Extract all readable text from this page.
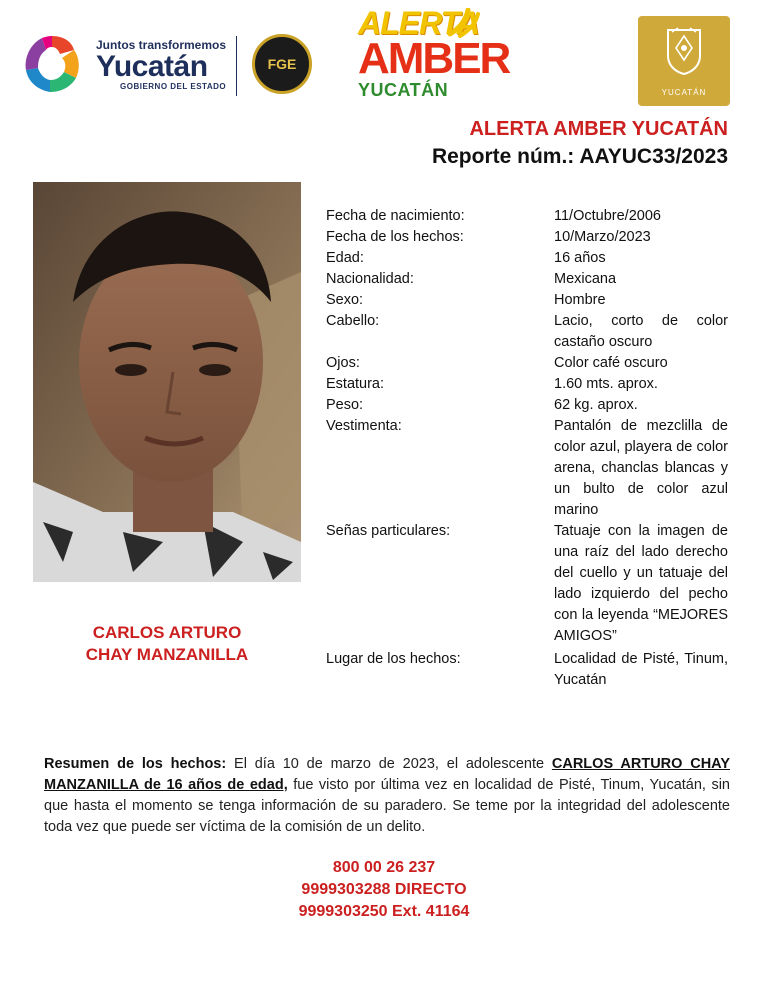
Juntos transformemos
Yucatán
GOBIERNO DEL ESTADO
FGE
ALERTA
AMBER
YUCATÁN	YUCATÁN
ALERTA AMBER YUCATÁN
Reporte núm.: AAYUC33/2023
CARLOS ARTURO
CHAY MANZANILLA
Fecha de nacimiento:	11/Octubre/2006
Fecha de los hechos:	10/Marzo/2023
Edad:	16 años
Nacionalidad:	Mexicana
Sexo:	Hombre
Cabello:	Lacio, corto de color castaño oscuro
Ojos:	Color café oscuro
Estatura:	1.60 mts. aprox.
Peso:	62 kg. aprox.
Vestimenta:	Pantalón de mezclilla de color azul, playera de color arena, chanclas blancas y un bulto de color azul marino
Señas particulares:	Tatuaje con la imagen de una raíz del lado derecho del cuello y un tatuaje del lado izquierdo del pecho con la leyenda “MEJORES AMIGOS”
Lugar de los hechos:	Localidad de Pisté, Tinum, Yucatán
Resumen de los hechos: El día 10 de marzo de 2023, el adolescente CARLOS ARTURO CHAY MANZANILLA de 16 años de edad, fue visto por última vez en localidad de Pisté, Tinum, Yucatán, sin que hasta el momento se tenga información de su paradero. Se teme por la integridad del adolescente toda vez que puede ser víctima de la comisión de un delito.
800 00 26 237
9999303288 DIRECTO
9999303250 Ext. 41164
